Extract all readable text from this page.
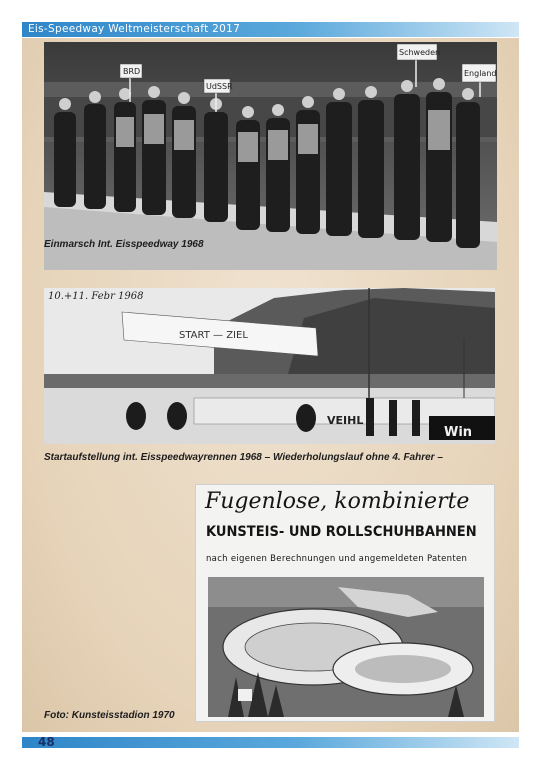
Eis-Speedway Weltmeisterschaft 2017
BRD
UdSSR
Schweden
England
Einmarsch Int. Eisspeedway 1968
START — ZIEL
VEIHL
Win
10.+11. Febr 1968
Startaufstellung int. Eisspeedwayrennen 1968 – Wiederholungslauf ohne 4. Fahrer –
Fugenlose, kombinierte
KUNSTEIS- UND ROLLSCHUHBAHNEN
nach eigenen Berechnungen und angemeldeten Patenten
Foto: Kunsteisstadion 1970
48
